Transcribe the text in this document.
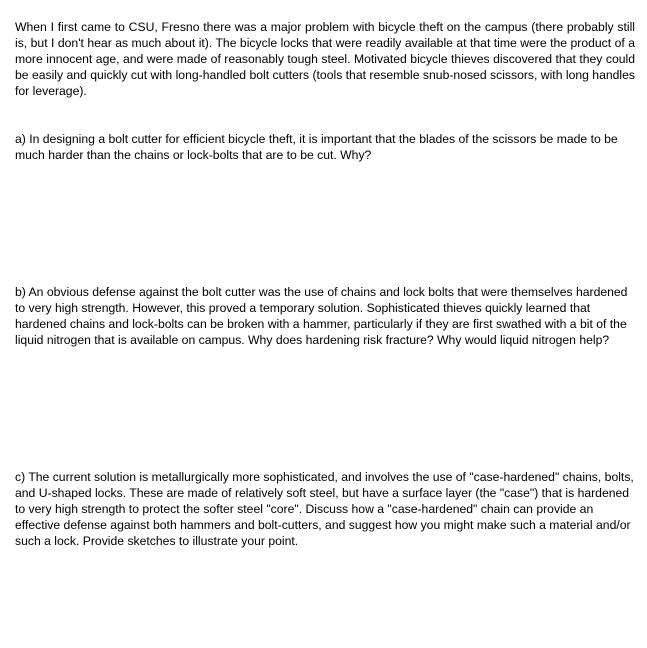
When I first came to CSU, Fresno there was a major problem with bicycle theft on the campus (there probably still is, but I don't hear as much about it). The bicycle locks that were readily available at that time were the product of a more innocent age, and were made of reasonably tough steel. Motivated bicycle thieves discovered that they could be easily and quickly cut with long-handled bolt cutters (tools that resemble snub-nosed scissors, with long handles for leverage).

a) In designing a bolt cutter for efficient bicycle theft, it is important that the blades of the scissors be made to be much harder than the chains or lock-bolts that are to be cut. Why?

b) An obvious defense against the bolt cutter was the use of chains and lock bolts that were themselves hardened to very high strength. However, this proved a temporary solution. Sophisticated thieves quickly learned that hardened chains and lock-bolts can be broken with a hammer, particularly if they are first swathed with a bit of the liquid nitrogen that is available on campus. Why does hardening risk fracture? Why would liquid nitrogen help?

c) The current solution is metallurgically more sophisticated, and involves the use of "case-hardened" chains, bolts, and U-shaped locks. These are made of relatively soft steel, but have a surface layer (the "case") that is hardened to very high strength to protect the softer steel "core". Discuss how a "case-hardened" chain can provide an effective defense against both hammers and bolt-cutters, and suggest how you might make such a material and/or such a lock. Provide sketches to illustrate your point.
